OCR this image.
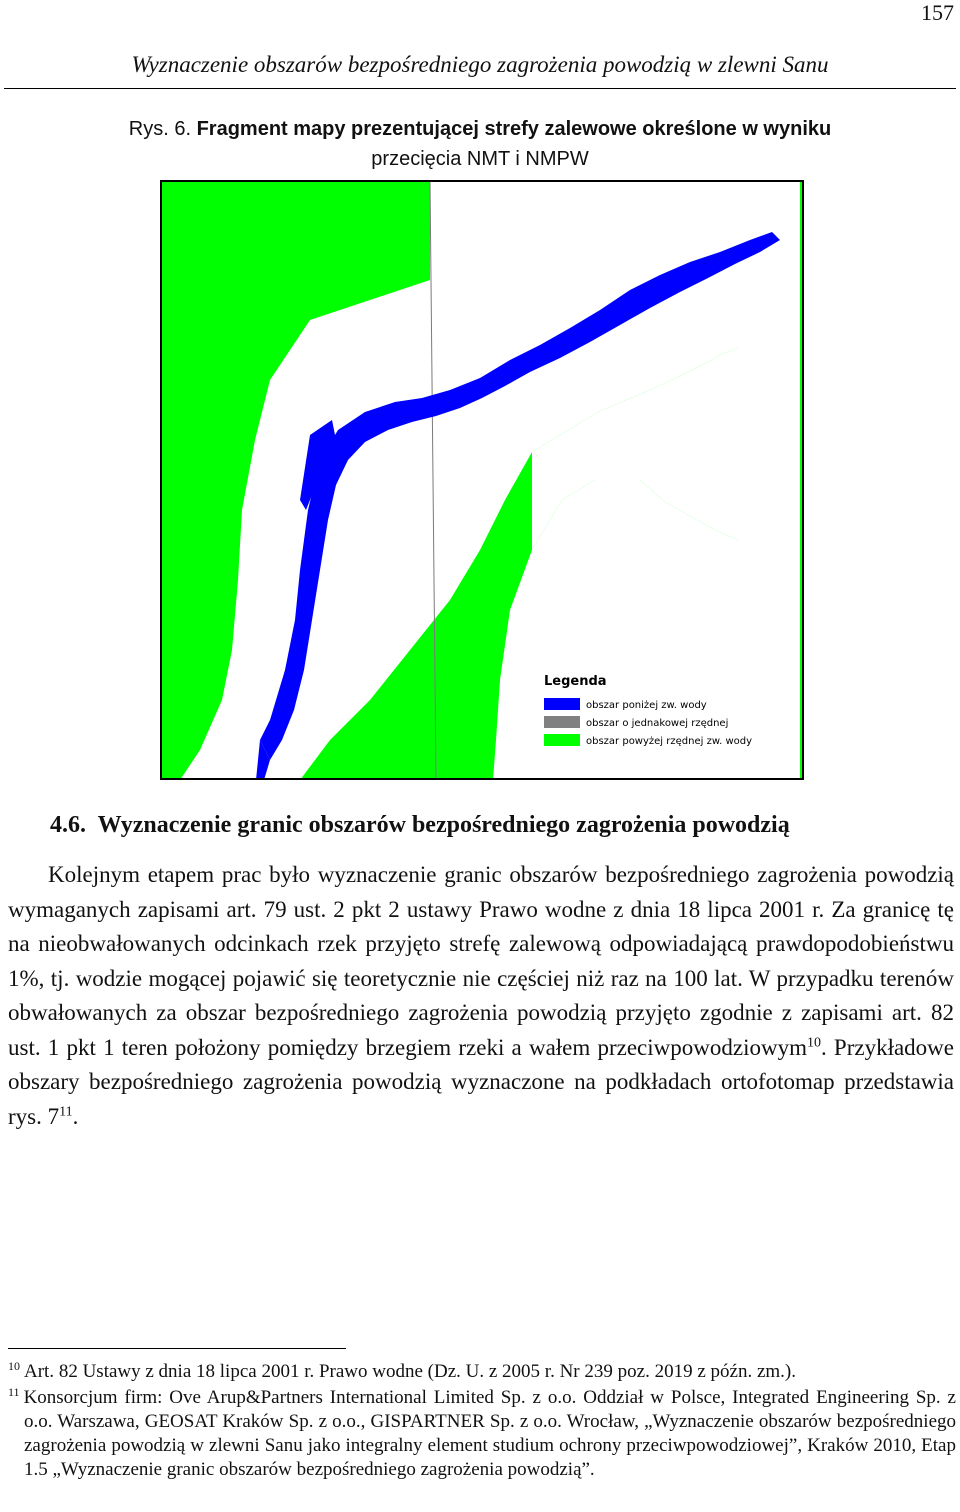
157
Wyznaczenie obszarów bezpośredniego zagrożenia powodzią w zlewni Sanu
Rys. 6. Fragment mapy prezentującej strefy zalewowe określone w wyniku
przecięcia NMT i NMPW
Legenda
obszar poniżej zw. wody
obszar o jednakowej rzędnej
obszar powyżej rzędnej zw. wody
4.6. Wyznaczenie granic obszarów bezpośredniego zagrożenia powodzią

Kolejnym etapem prac było wyznaczenie granic obszarów bezpośredniego zagrożenia powodzią wymaganych zapisami art. 79 ust. 2 pkt 2 ustawy Prawo wodne z dnia 18 lipca 2001 r. Za granicę tę na nieobwałowanych odcinkach rzek przyjęto strefę zalewową odpowiadającą prawdopodobieństwu 1%, tj. wodzie mogącej pojawić się teoretycznie nie częściej niż raz na 100 lat. W przypadku terenów obwałowanych za obszar bezpośredniego zagrożenia powodzią przyjęto zgodnie z zapisami art. 82 ust. 1 pkt 1 teren położony pomiędzy brzegiem rzeki a wałem przeciwpowodziowym$^{10}$. Przykładowe obszary bezpośredniego zagrożenia powodzią wyznaczone na podkładach ortofotomap przedstawia rys. $7^{11}$.

$^{10}$ Art. 82 Ustawy z dnia 18 lipca 2001 r. Prawo wodne (Dz. U. z 2005 r. Nr 239 poz. 2019 z późn. zm.).

$^{11}$ Konsorcjum firm: Ove Arup&Partners International Limited Sp. z o.o. Oddział w Polsce, Integrated Engineering Sp. z o.o. Warszawa, GEOSAT Kraków Sp. z o.o., GISPARTNER Sp. z o.o. Wrocław, „Wyznaczenie obszarów bezpośredniego zagrożenia powodzią w zlewni Sanu jako integralny element studium ochrony przeciwpowodziowej”, Kraków 2010, Etap 1.5 „Wyznaczenie granic obszarów bezpośredniego zagrożenia powodzią”.
